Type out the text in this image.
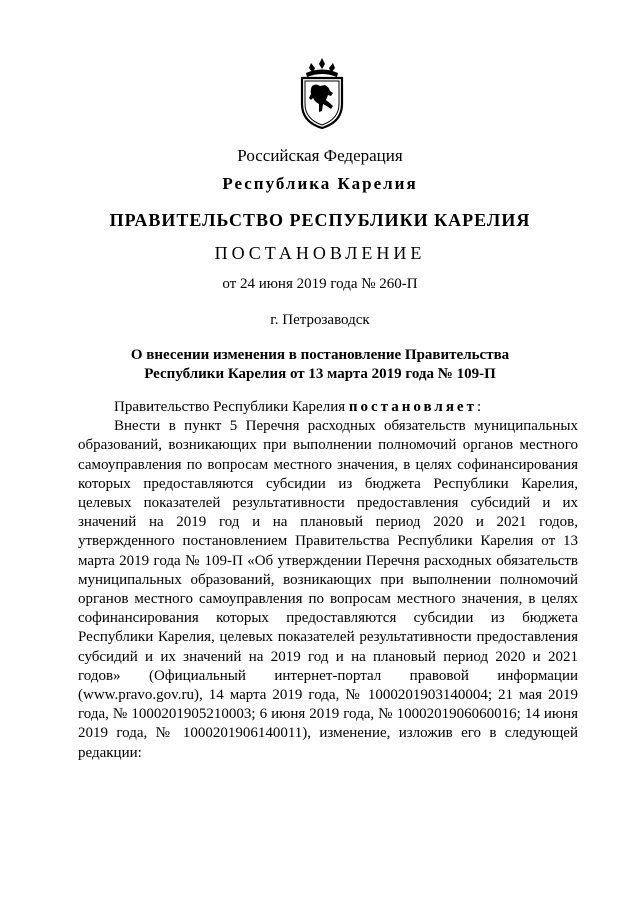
Российская Федерация
Республика Карелия
ПРАВИТЕЛЬСТВО РЕСПУБЛИКИ КАРЕЛИЯ
ПОСТАНОВЛЕНИЕ
от 24 июня 2019 года № 260-П
г. Петрозаводск
О внесении изменения в постановление Правительства
Республики Карелия от 13 марта 2019 года № 109-П

Правительство Республики Карелия постановляет:

Внести в пункт 5 Перечня расходных обязательств муниципальных образований, возникающих при выполнении полномочий органов местного самоуправления по вопросам местного значения, в целях софинансирования которых предоставляются субсидии из бюджета Республики Карелия, целевых показателей результативности предоставления субсидий и их значений на 2019 год и на плановый период 2020 и 2021 годов, утвержденного постановлением Правительства Республики Карелия от 13 марта 2019 года № 109-П «Об утверждении Перечня расходных обязательств муниципальных образований, возникающих при выполнении полномочий органов местного самоуправления по вопросам местного значения, в целях софинансирования которых предоставляются субсидии из бюджета Республики Карелия, целевых показателей результативности предоставления субсидий и их значений на 2019 год и на плановый период 2020 и 2021 годов» (Официальный интернет-портал правовой информации (www.pravo.gov.ru), 14 марта 2019 года, № 1000201903140004; 21 мая 2019 года, № 1000201905210003; 6 июня 2019 года, № 1000201906060016; 14 июня 2019 года, № 1000201906140011), изменение, изложив его в следующей редакции:
